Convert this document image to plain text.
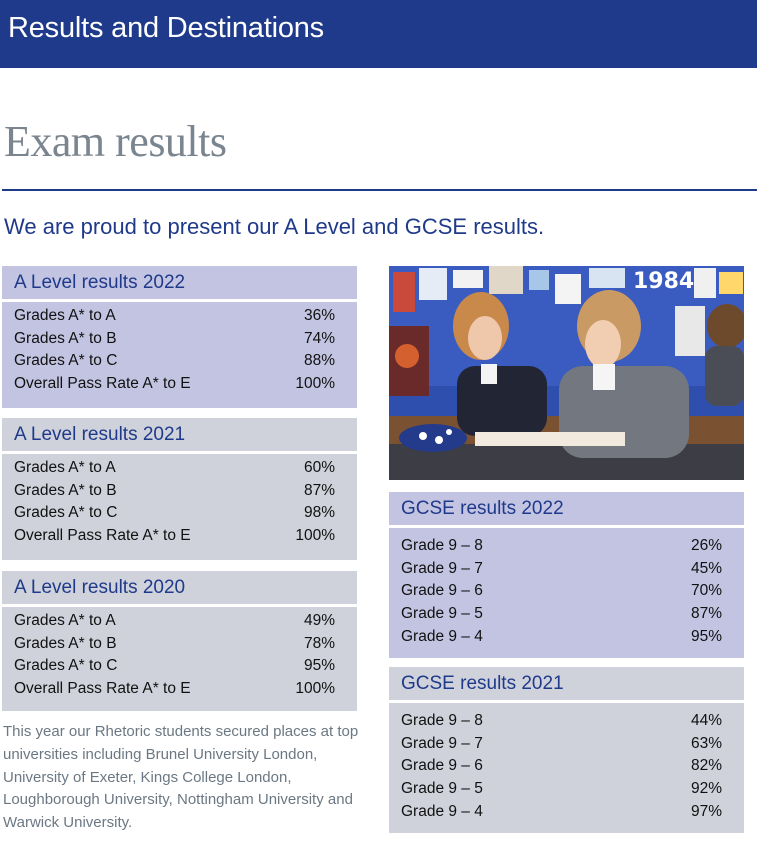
Results and Destinations
Exam results
We are proud to present our A Level and GCSE results.
A Level results 2022
Grades A* to A	36%
Grades A* to B	74%
Grades A* to C	88%
Overall Pass Rate A* to E	100%
A Level results 2021
Grades A* to A	60%
Grades A* to B	87%
Grades A* to C	98%
Overall Pass Rate A* to E	100%
A Level results 2020
Grades A* to A	49%
Grades A* to B	78%
Grades A* to C	95%
Overall Pass Rate A* to E	100%
1984
GCSE results 2022
Grade 9 – 8	26%
Grade 9 – 7	45%
Grade 9 – 6	70%
Grade 9 – 5	87%
Grade 9 – 4	95%
GCSE results 2021
Grade 9 – 8	44%
Grade 9 – 7	63%
Grade 9 – 6	82%
Grade 9 – 5	92%
Grade 9 – 4	97%
This year our Rhetoric students secured places at top universities including Brunel University London, University of Exeter, Kings College London, Loughborough University, Nottingham University and Warwick University.
